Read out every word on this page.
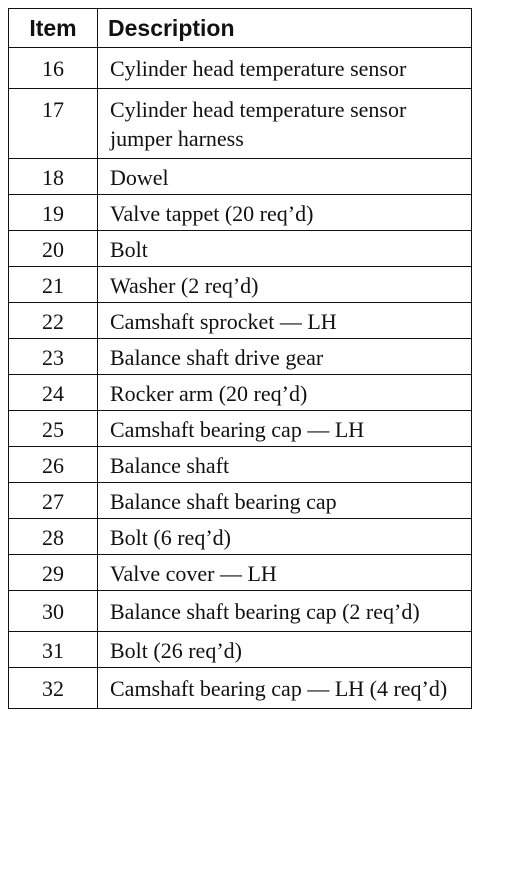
Item	Description
16	Cylinder head temperature sensor
17	Cylinder head temperature sensor jumper harness
18	Dowel
19	Valve tappet (20 req’d)
20	Bolt
21	Washer (2 req’d)
22	Camshaft sprocket — LH
23	Balance shaft drive gear
24	Rocker arm (20 req’d)
25	Camshaft bearing cap — LH
26	Balance shaft
27	Balance shaft bearing cap
28	Bolt (6 req’d)
29	Valve cover — LH
30	Balance shaft bearing cap (2 req’d)
31	Bolt (26 req’d)
32	Camshaft bearing cap — LH (4 req’d)
